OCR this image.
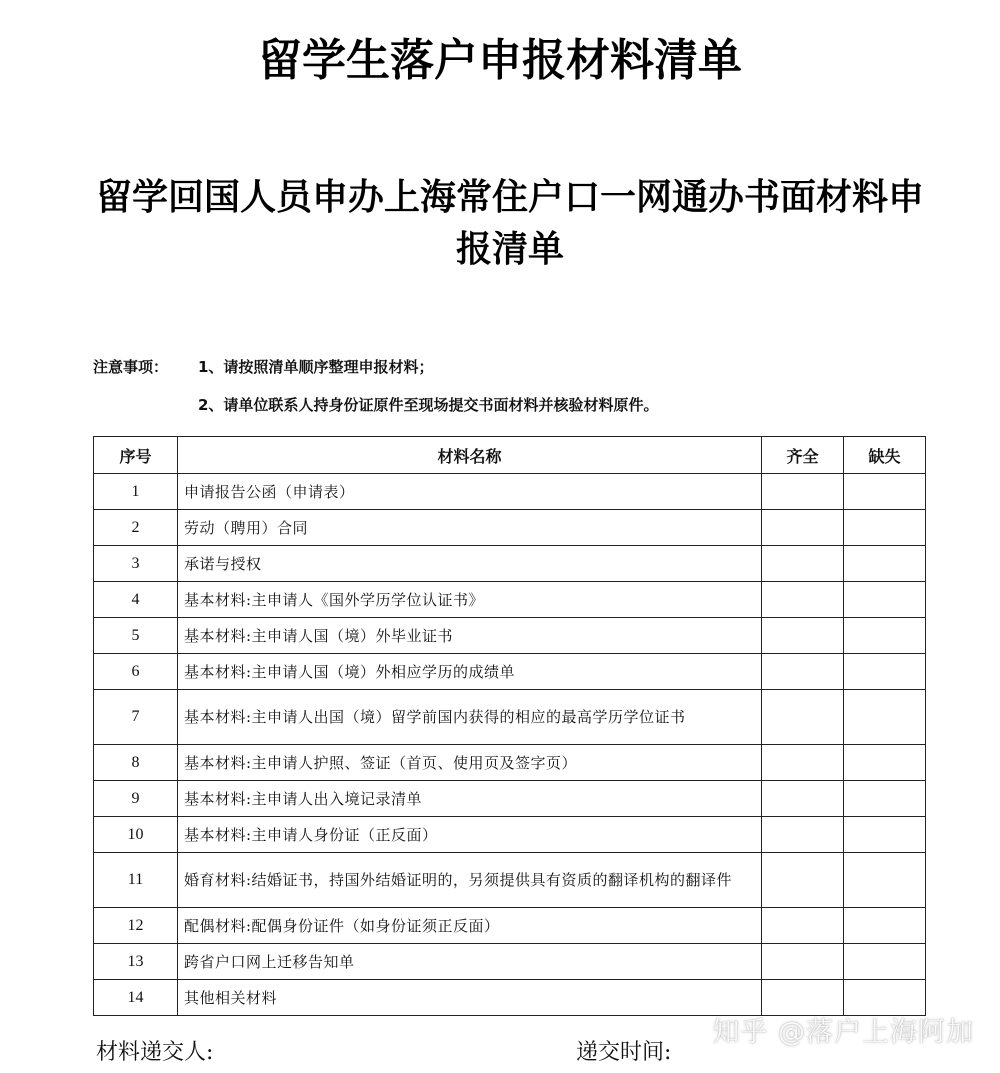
留学生落户申报材料清单
留学回国人员申办上海常住户口一网通办书面材料申报清单
注意事项：	1、请按照清单顺序整理申报材料；
2、请单位联系人持身份证原件至现场提交书面材料并核验材料原件。
序号	材料名称	齐全	缺失
1	申请报告公函（申请表）		
2	劳动（聘用）合同		
3	承诺与授权		
4	基本材料:主申请人《国外学历学位认证书》		
5	基本材料:主申请人国（境）外毕业证书		
6	基本材料:主申请人国（境）外相应学历的成绩单		
7	基本材料:主申请人出国（境）留学前国内获得的相应的最高学历学位证书		
8	基本材料:主申请人护照、签证（首页、使用页及签字页）		
9	基本材料:主申请人出入境记录清单		
10	基本材料:主申请人身份证（正反面）		
11	婚育材料:结婚证书，持国外结婚证明的，另须提供具有资质的翻译机构的翻译件		
12	配偶材料:配偶身份证件（如身份证须正反面）		
13	跨省户口网上迁移告知单		
14	其他相关材料		
材料递交人:	递交时间:
知乎 @落户上海阿加
